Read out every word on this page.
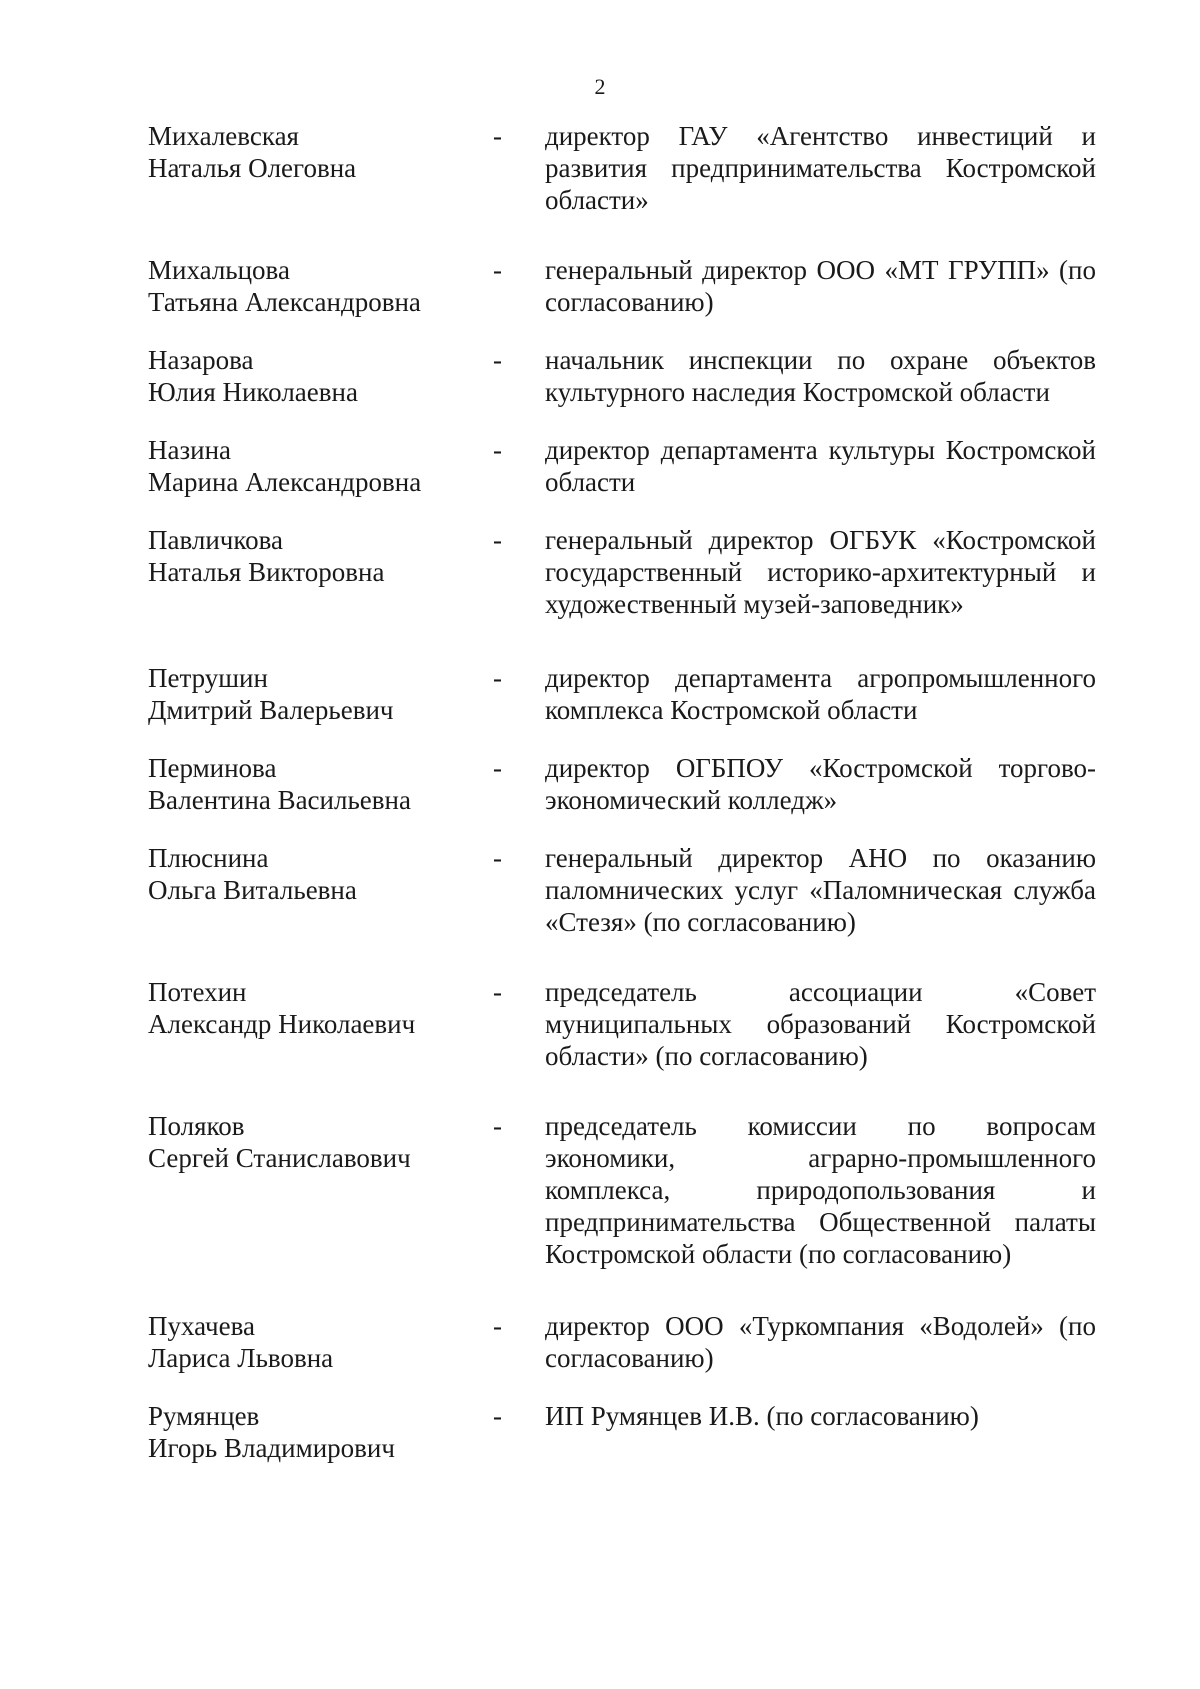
2
Михалевская
Наталья Олеговна
-	директор ГАУ «Агентство инвестиций и развития предпринимательства Костромской области»
Михальцова
Татьяна Александровна
-	генеральный директор ООО «МТ ГРУПП» (по согласованию)
Назарова
Юлия Николаевна
-	начальник инспекции по охране объектов культурного наследия Костромской области
Назина
Марина Александровна
-	директор департамента культуры Костромской области
Павличкова
Наталья Викторовна
-	генеральный директор ОГБУК «Костромской государственный историко-архитектурный и художественный музей-заповедник»
Петрушин
Дмитрий Валерьевич
-	директор департамента агропромышленного комплекса Костромской области
Перминова
Валентина Васильевна
-	директор ОГБПОУ «Костромской торгово-экономический колледж»
Плюснина
Ольга Витальевна
-	генеральный директор АНО по оказанию паломнических услуг «Паломническая служба «Стезя» (по согласованию)
Потехин
Александр Николаевич
-	председатель ассоциации «Совет муниципальных образований Костромской области» (по согласованию)
Поляков
Сергей Станиславович
-	председатель комиссии по вопросам экономики, аграрно-промышленного комплекса, природопользования и предпринимательства Общественной палаты Костромской области (по согласованию)
Пухачева
Лариса Львовна
-	директор ООО «Туркомпания «Водолей» (по согласованию)
Румянцев
Игорь Владимирович
-	ИП Румянцев И.В. (по согласованию)
